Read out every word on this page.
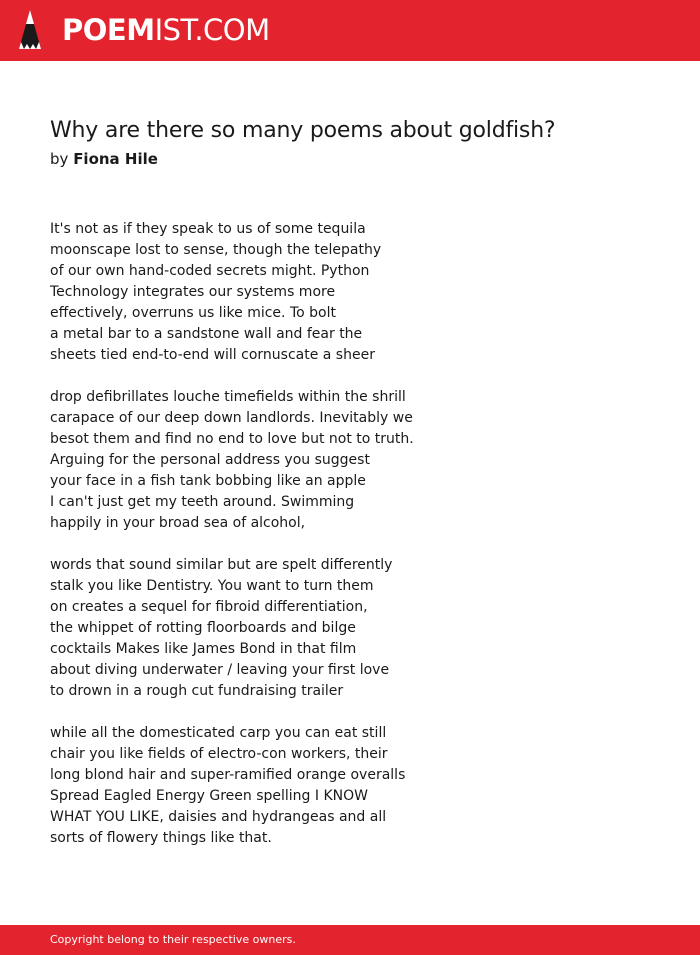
POEMIST.COM
Why are there so many poems about goldfish?
by Fiona Hile
It's not as if they speak to us of some tequila
moonscape lost to sense, though the telepathy
of our own hand-coded secrets might. Python
Technology integrates our systems more
effectively, overruns us like mice. To bolt
a metal bar to a sandstone wall and fear the
sheets tied end-to-end will cornuscate a sheer
drop defibrillates louche timefields within the shrill
carapace of our deep down landlords. Inevitably we
besot them and find no end to love but not to truth.
Arguing for the personal address you suggest
your face in a fish tank bobbing like an apple
I can't just get my teeth around. Swimming
happily in your broad sea of alcohol,
words that sound similar but are spelt differently
stalk you like Dentistry. You want to turn them
on creates a sequel for fibroid differentiation,
the whippet of rotting floorboards and bilge
cocktails Makes like James Bond in that film
about diving underwater / leaving your first love
to drown in a rough cut fundraising trailer
while all the domesticated carp you can eat still
chair you like fields of electro-con workers, their
long blond hair and super-ramified orange overalls
Spread Eagled Energy Green spelling I KNOW
WHAT YOU LIKE, daisies and hydrangeas and all
sorts of flowery things like that.
Copyright belong to their respective owners.
